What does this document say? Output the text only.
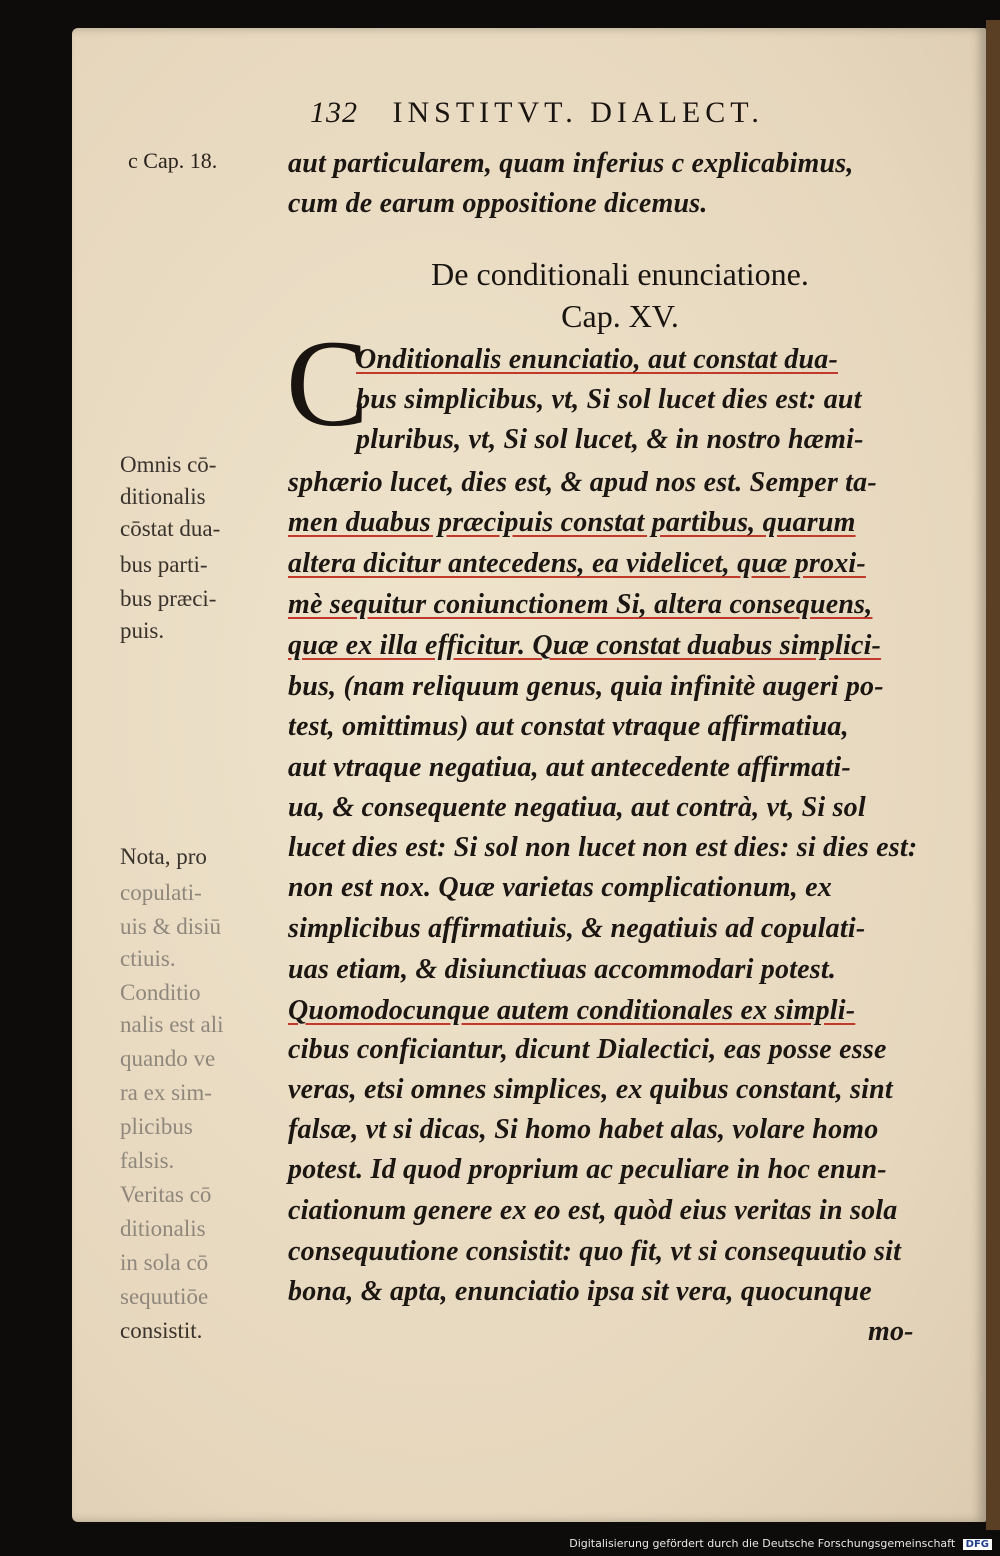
132 INSTITVT. DIALECT.
c Cap. 18.	aut particularem, quam inferius c explicabimus,
cum de earum oppositione dicemus.
De conditionali enunciatione.
Cap. XV.
C
Onditionalis enunciatio, aut constat dua-
bus simplicibus, vt, Si sol lucet dies est: aut
pluribus, vt, Si sol lucet, & in nostro hæmi-
sphærio lucet, dies est, & apud nos est. Semper ta-
men duabus præcipuis constat partibus, quarum
altera dicitur antecedens, ea videlicet, quæ proxi-
mè sequitur coniunctionem Si, altera consequens,
quæ ex illa efficitur. Quæ constat duabus simplici-
bus, (nam reliquum genus, quia infinitè augeri po-
test, omittimus) aut constat vtraque affirmatiua,
aut vtraque negatiua, aut antecedente affirmati-
ua, & consequente negatiua, aut contrà, vt, Si sol
lucet dies est: Si sol non lucet non est dies: si dies est:
non est nox. Quæ varietas complicationum, ex
simplicibus affirmatiuis, & negatiuis ad copulati-
uas etiam, & disiunctiuas accommodari potest.
Quomodocunque autem conditionales ex simpli-
cibus conficiantur, dicunt Dialectici, eas posse esse
veras, etsi omnes simplices, ex quibus constant, sint
falsæ, vt si dicas, Si homo habet alas, volare homo
potest. Id quod proprium ac peculiare in hoc enun-
ciationum genere ex eo est, quòd eius veritas in sola
consequutione consistit: quo fit, vt si consequutio sit
bona, & apta, enunciatio ipsa sit vera, quocunque
mo-
Omnis cō-
ditionalis
cōstat dua-
bus parti-
bus præci-
puis.
Nota, pro
copulati-
uis & disiū
ctiuis.
Conditio
nalis est ali
quando ve
ra ex sim-
plicibus
falsis.
Veritas cō
ditionalis
in sola cō
sequutiōe
consistit.
Digitalisierung gefördert durch die Deutsche Forschungsgemeinschaft DFG
